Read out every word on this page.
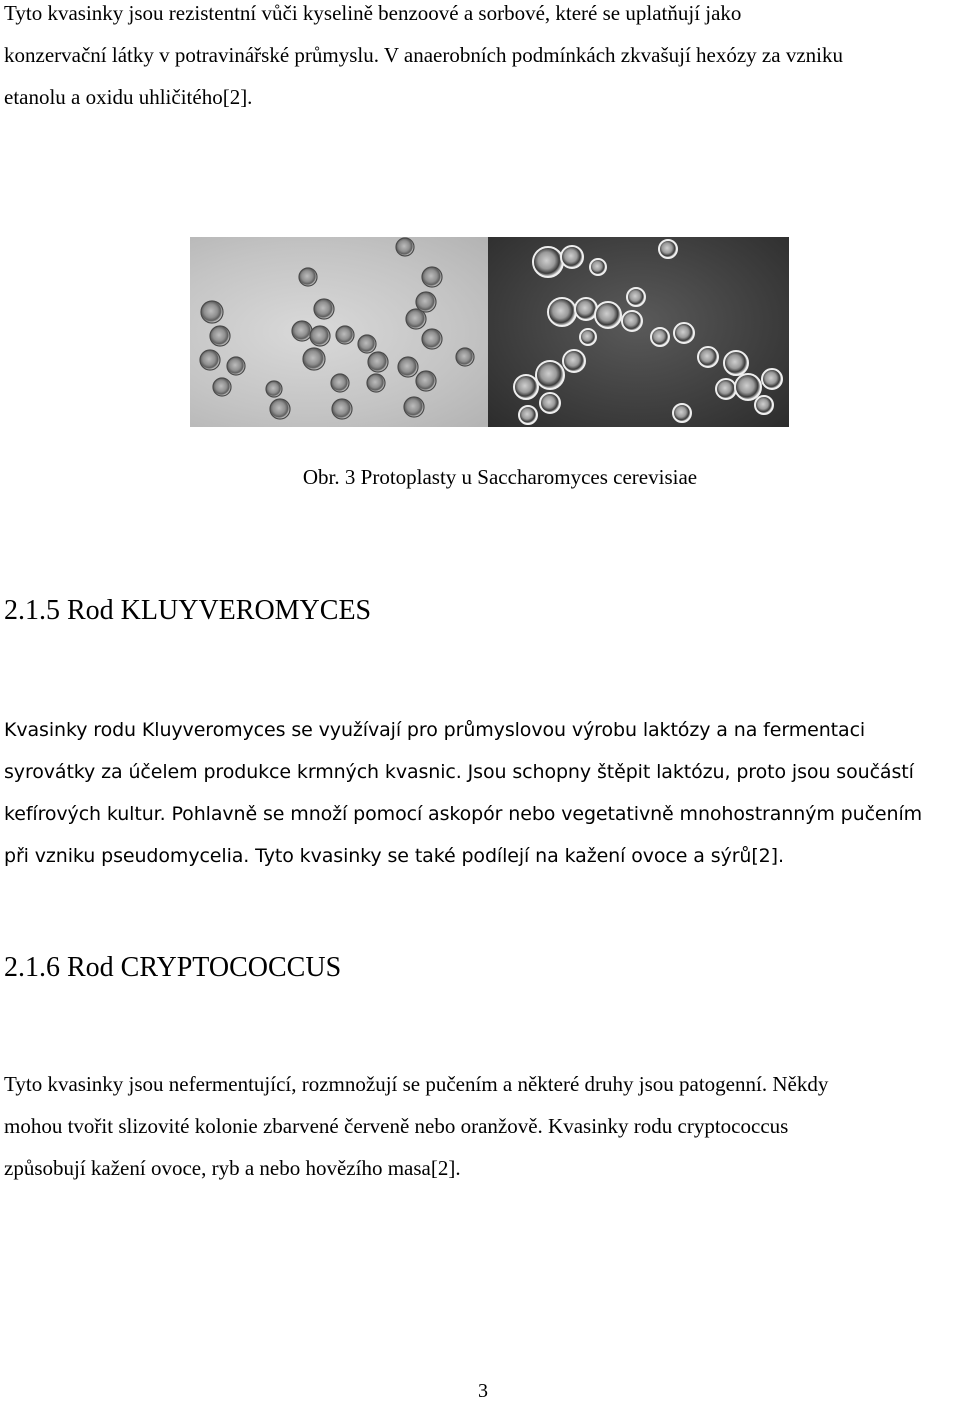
Tyto kvasinky jsou rezistentní vůči kyselině benzoové a sorbové, které se uplatňují jako
konzervační látky v potravinářské průmyslu. V anaerobních podmínkách zkvašují hexózy za vzniku
etanolu a oxidu uhličitého[2].

Obr. 3 Protoplasty u Saccharomyces cerevisiae

2.1.5 Rod KLUYVEROMYCES

Kvasinky rodu Kluyveromyces se využívají pro průmyslovou výrobu laktózy a na fermentaci
syrovátky za účelem produkce krmných kvasnic. Jsou schopny štěpit laktózu, proto jsou součástí
kefírových kultur. Pohlavně se množí pomocí askopór nebo vegetativně mnohostranným pučením
při vzniku pseudomycelia. Tyto kvasinky se také podílejí na kažení ovoce a sýrů[2].

2.1.6 Rod CRYPTOCOCCUS

Tyto kvasinky jsou nefermentující, rozmnožují se pučením a některé druhy jsou patogenní. Někdy
mohou tvořit slizovité kolonie zbarvené červeně nebo oranžově. Kvasinky rodu cryptococcus
způsobují kažení ovoce, ryb a nebo hovězího masa[2].

3
